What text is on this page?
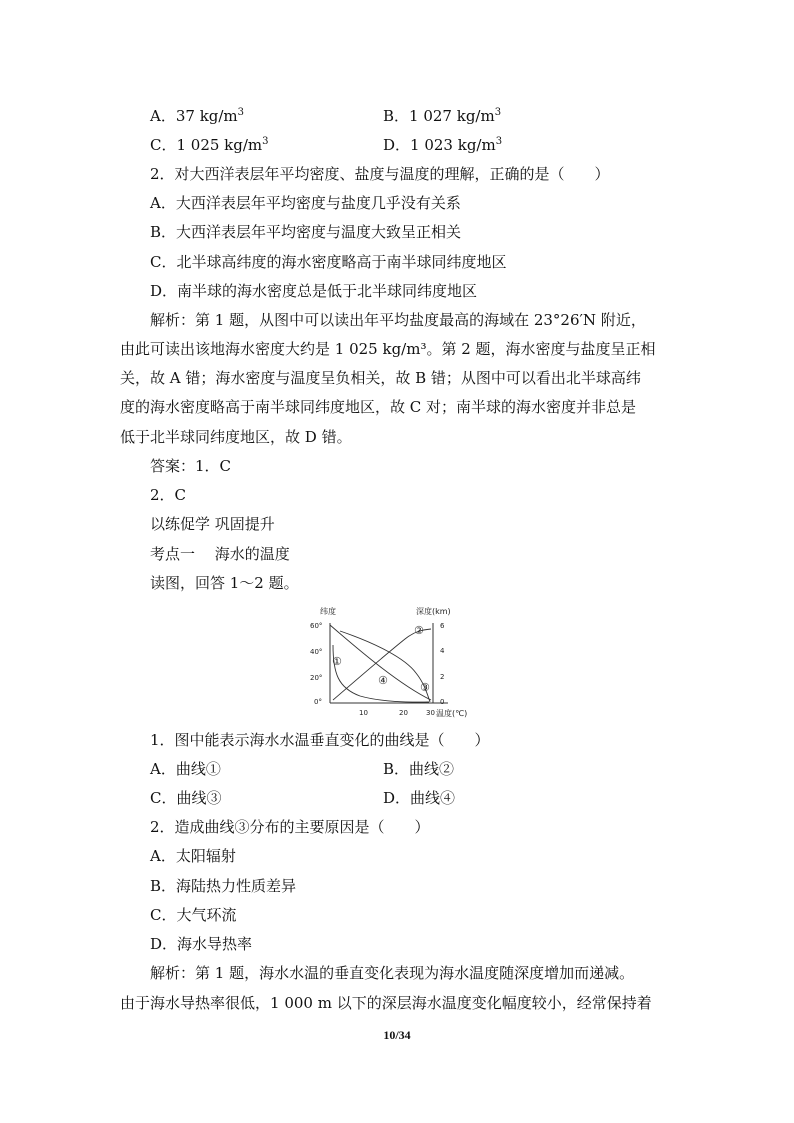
A．37 $kg/m^3$	B．1 027 $kg/m^3$
C．1 025 $kg/m^3$	D．1 023 $kg/m^3$
2．对大西洋表层年平均密度、盐度与温度的理解，正确的是（　　）
A．大西洋表层年平均密度与盐度几乎没有关系
B．大西洋表层年平均密度与温度大致呈正相关
C．北半球高纬度的海水密度略高于南半球同纬度地区
D．南半球的海水密度总是低于北半球同纬度地区
解析：第 1 题，从图中可以读出年平均盐度最高的海域在 23°26′N 附近，
由此可读出该地海水密度大约是 1 025 kg/m³。第 2 题，海水密度与盐度呈正相
关，故 A 错；海水密度与温度呈负相关，故 B 错；从图中可以看出北半球高纬
度的海水密度略高于南半球同纬度地区，故 C 对；南半球的海水密度并非总是
低于北半球同纬度地区，故 D 错。
答案：1．C
2．C
以练促学 巩固提升
考点一　 海水的温度
读图，回答 1～2 题。
纬度	深度(km)
温度(℃)
60°
40°
20°
0°
6
4
2
0
10	20	30
①
②
③
④
1．图中能表示海水水温垂直变化的曲线是（　　）
A．曲线①	B．曲线②
C．曲线③	D．曲线④
2．造成曲线③分布的主要原因是（　　）
A．太阳辐射
B．海陆热力性质差异
C．大气环流
D．海水导热率
解析：第 1 题，海水水温的垂直变化表现为海水温度随深度增加而递减。
由于海水导热率很低，1 000 m 以下的深层海水温度变化幅度较小，经常保持着
10/34
